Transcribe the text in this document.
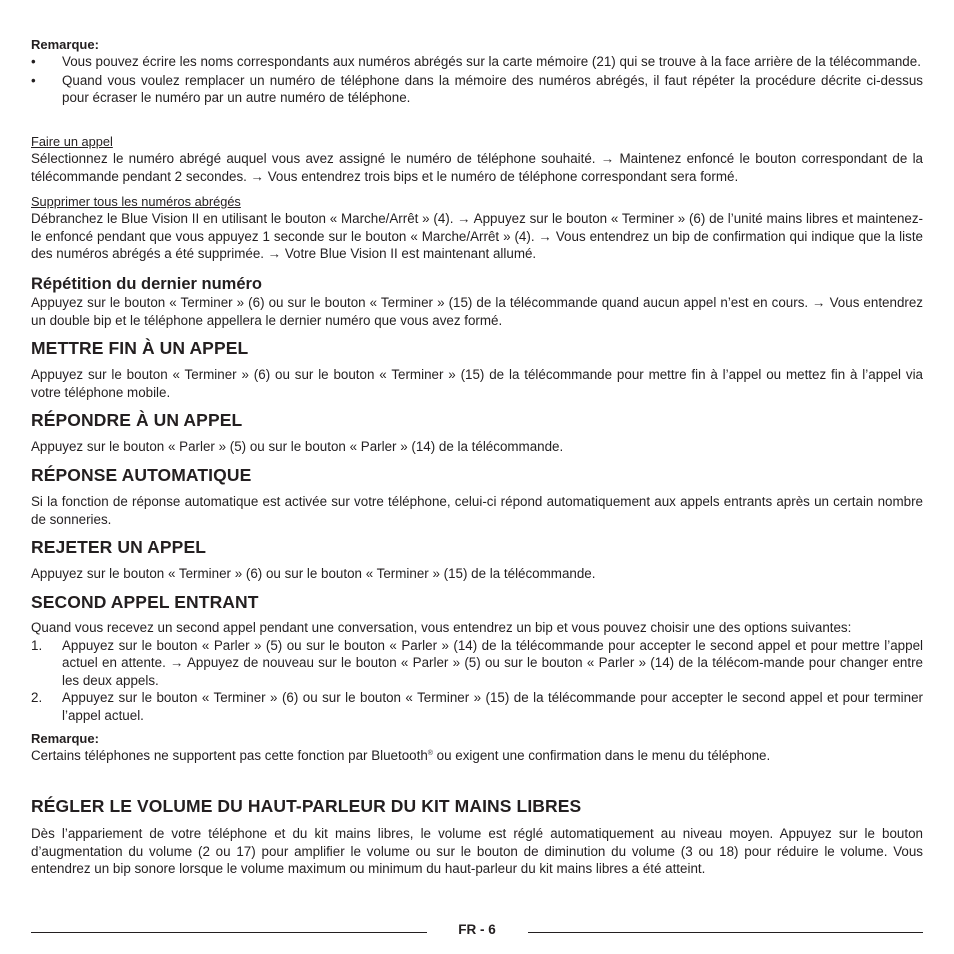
Remarque:

•	Vous pouvez écrire les noms correspondants aux numéros abrégés sur la carte mémoire (21) qui se trouve à la face arrière de la télécommande.
•	Quand vous voulez remplacer un numéro de téléphone dans la mémoire des numéros abrégés, il faut répéter la procédure décrite ci-dessus pour écraser le numéro par un autre numéro de téléphone.

Faire un appel

Sélectionnez le numéro abrégé auquel vous avez assigné le numéro de téléphone souhaité. → Maintenez enfoncé le bouton correspondant de la télécommande pendant 2 secondes. → Vous entendrez trois bips et le numéro de téléphone correspondant sera formé.

Supprimer tous les numéros abrégés

Débranchez le Blue Vision II en utilisant le bouton « Marche/Arrêt » (4). → Appuyez sur le bouton « Terminer » (6) de l’unité mains libres et maintenez-le enfoncé pendant que vous appuyez 1 seconde sur le bouton « Marche/Arrêt » (4). → Vous entendrez un bip de confirmation qui indique que la liste des numéros abrégés a été supprimée. → Votre Blue Vision II est maintenant allumé.

Répétition du dernier numéro

Appuyez sur le bouton « Terminer » (6) ou sur le bouton « Terminer » (15) de la télécommande quand aucun appel n’est en cours. → Vous entendrez un double bip et le téléphone appellera le dernier numéro que vous avez formé.

METTRE FIN À UN APPEL

Appuyez sur le bouton « Terminer » (6) ou sur le bouton « Terminer » (15) de la télécommande pour mettre fin à l’appel ou mettez fin à l’appel via votre téléphone mobile.

RÉPONDRE À UN APPEL

Appuyez sur le bouton « Parler » (5) ou sur le bouton « Parler » (14) de la télécommande.

RÉPONSE AUTOMATIQUE

Si la fonction de réponse automatique est activée sur votre téléphone, celui-ci répond automatiquement aux appels entrants après un certain nombre de sonneries.

REJETER UN APPEL

Appuyez sur le bouton « Terminer » (6) ou sur le bouton « Terminer » (15) de la télécommande.

SECOND APPEL ENTRANT

Quand vous recevez un second appel pendant une conversation, vous entendrez un bip et vous pouvez choisir une des options suivantes:

1.	Appuyez sur le bouton « Parler » (5) ou sur le bouton « Parler » (14) de la télécommande pour accepter le second appel et pour mettre l’appel actuel en attente. → Appuyez de nouveau sur le bouton « Parler » (5) ou sur le bouton « Parler » (14) de la télécom-mande pour changer entre les deux appels.
2.	Appuyez sur le bouton « Terminer » (6) ou sur le bouton « Terminer » (15) de la télécommande pour accepter le second appel et pour terminer l’appel actuel.

Remarque:

Certains téléphones ne supportent pas cette fonction par Bluetooth® ou exigent une confirmation dans le menu du téléphone.

RÉGLER LE VOLUME DU HAUT-PARLEUR DU KIT MAINS LIBRES

Dès l’appariement de votre téléphone et du kit mains libres, le volume est réglé automatiquement au niveau moyen. Appuyez sur le bouton d’augmentation du volume (2 ou 17) pour amplifier le volume ou sur le bouton de diminution du volume (3 ou 18) pour réduire le volume. Vous entendrez un bip sonore lorsque le volume maximum ou minimum du haut-parleur du kit mains libres a été atteint.

FR - 6
